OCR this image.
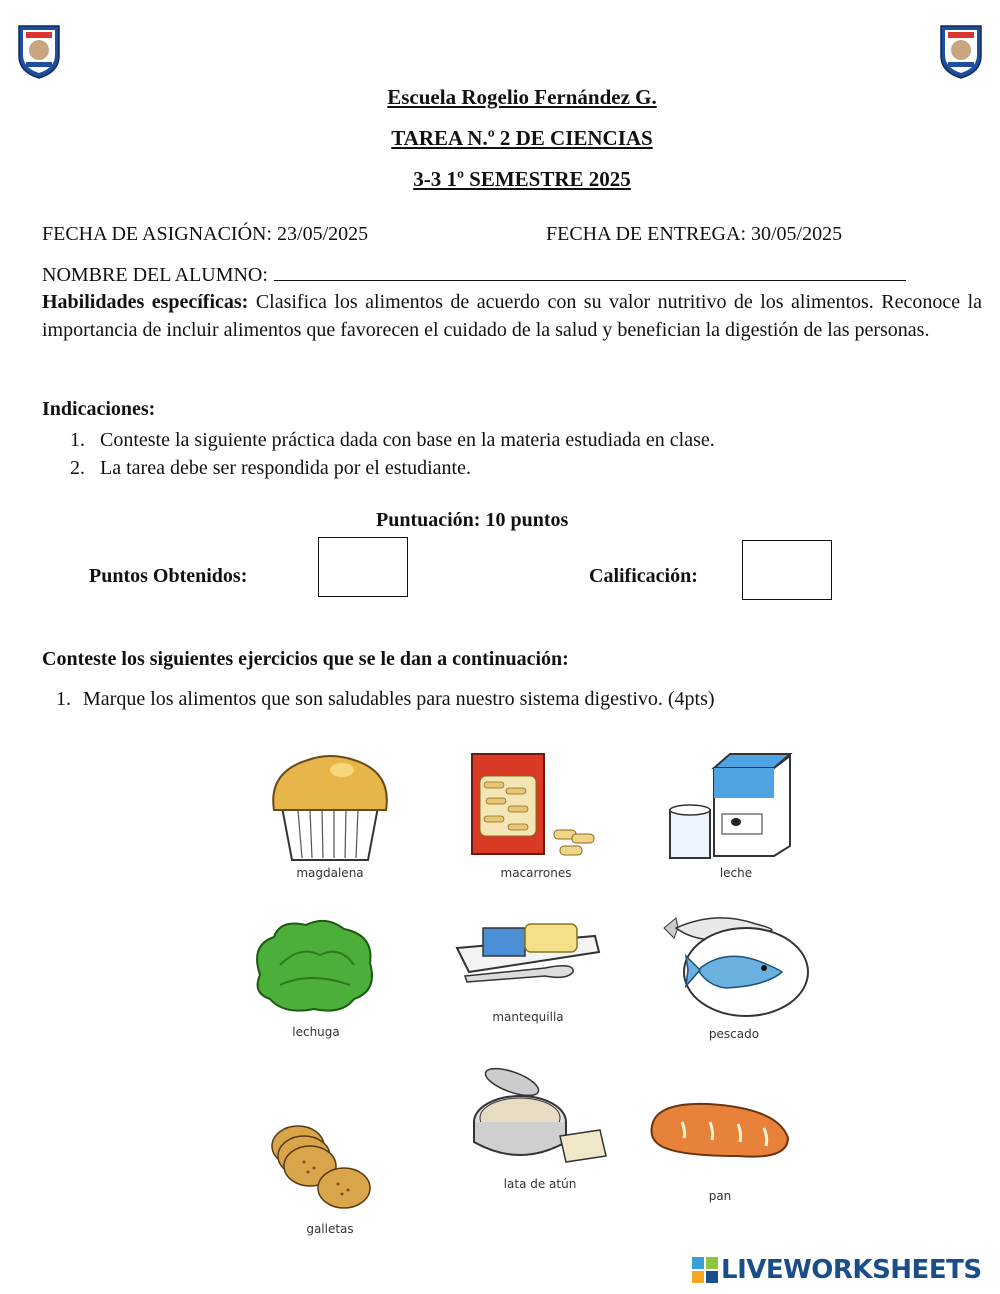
Escuela Rogelio Fernández G.
TAREA N.º 2 DE CIENCIAS
3-3 1º SEMESTRE 2025
FECHA DE ASIGNACIÓN: 23/05/2025	FECHA DE ENTREGA: 30/05/2025
NOMBRE DEL ALUMNO:
Habilidades específicas: Clasifica los alimentos de acuerdo con su valor nutritivo de los alimentos. Reconoce la importancia de incluir alimentos que favorecen el cuidado de la salud y benefician la digestión de las personas.
Indicaciones:
1. Conteste la siguiente práctica dada con base en la materia estudiada en clase.
2. La tarea debe ser respondida por el estudiante.
Puntuación: 10 puntos
Puntos Obtenidos:	Calificación:
Conteste los siguientes ejercicios que se le dan a continuación:
1. Marque los alimentos que son saludables para nuestro sistema digestivo. (4pts)
magdalena	macarrones	leche
lechuga
mantequilla
pescado
galletas
lata de atún
pan
LIVEWORKSHEETS
